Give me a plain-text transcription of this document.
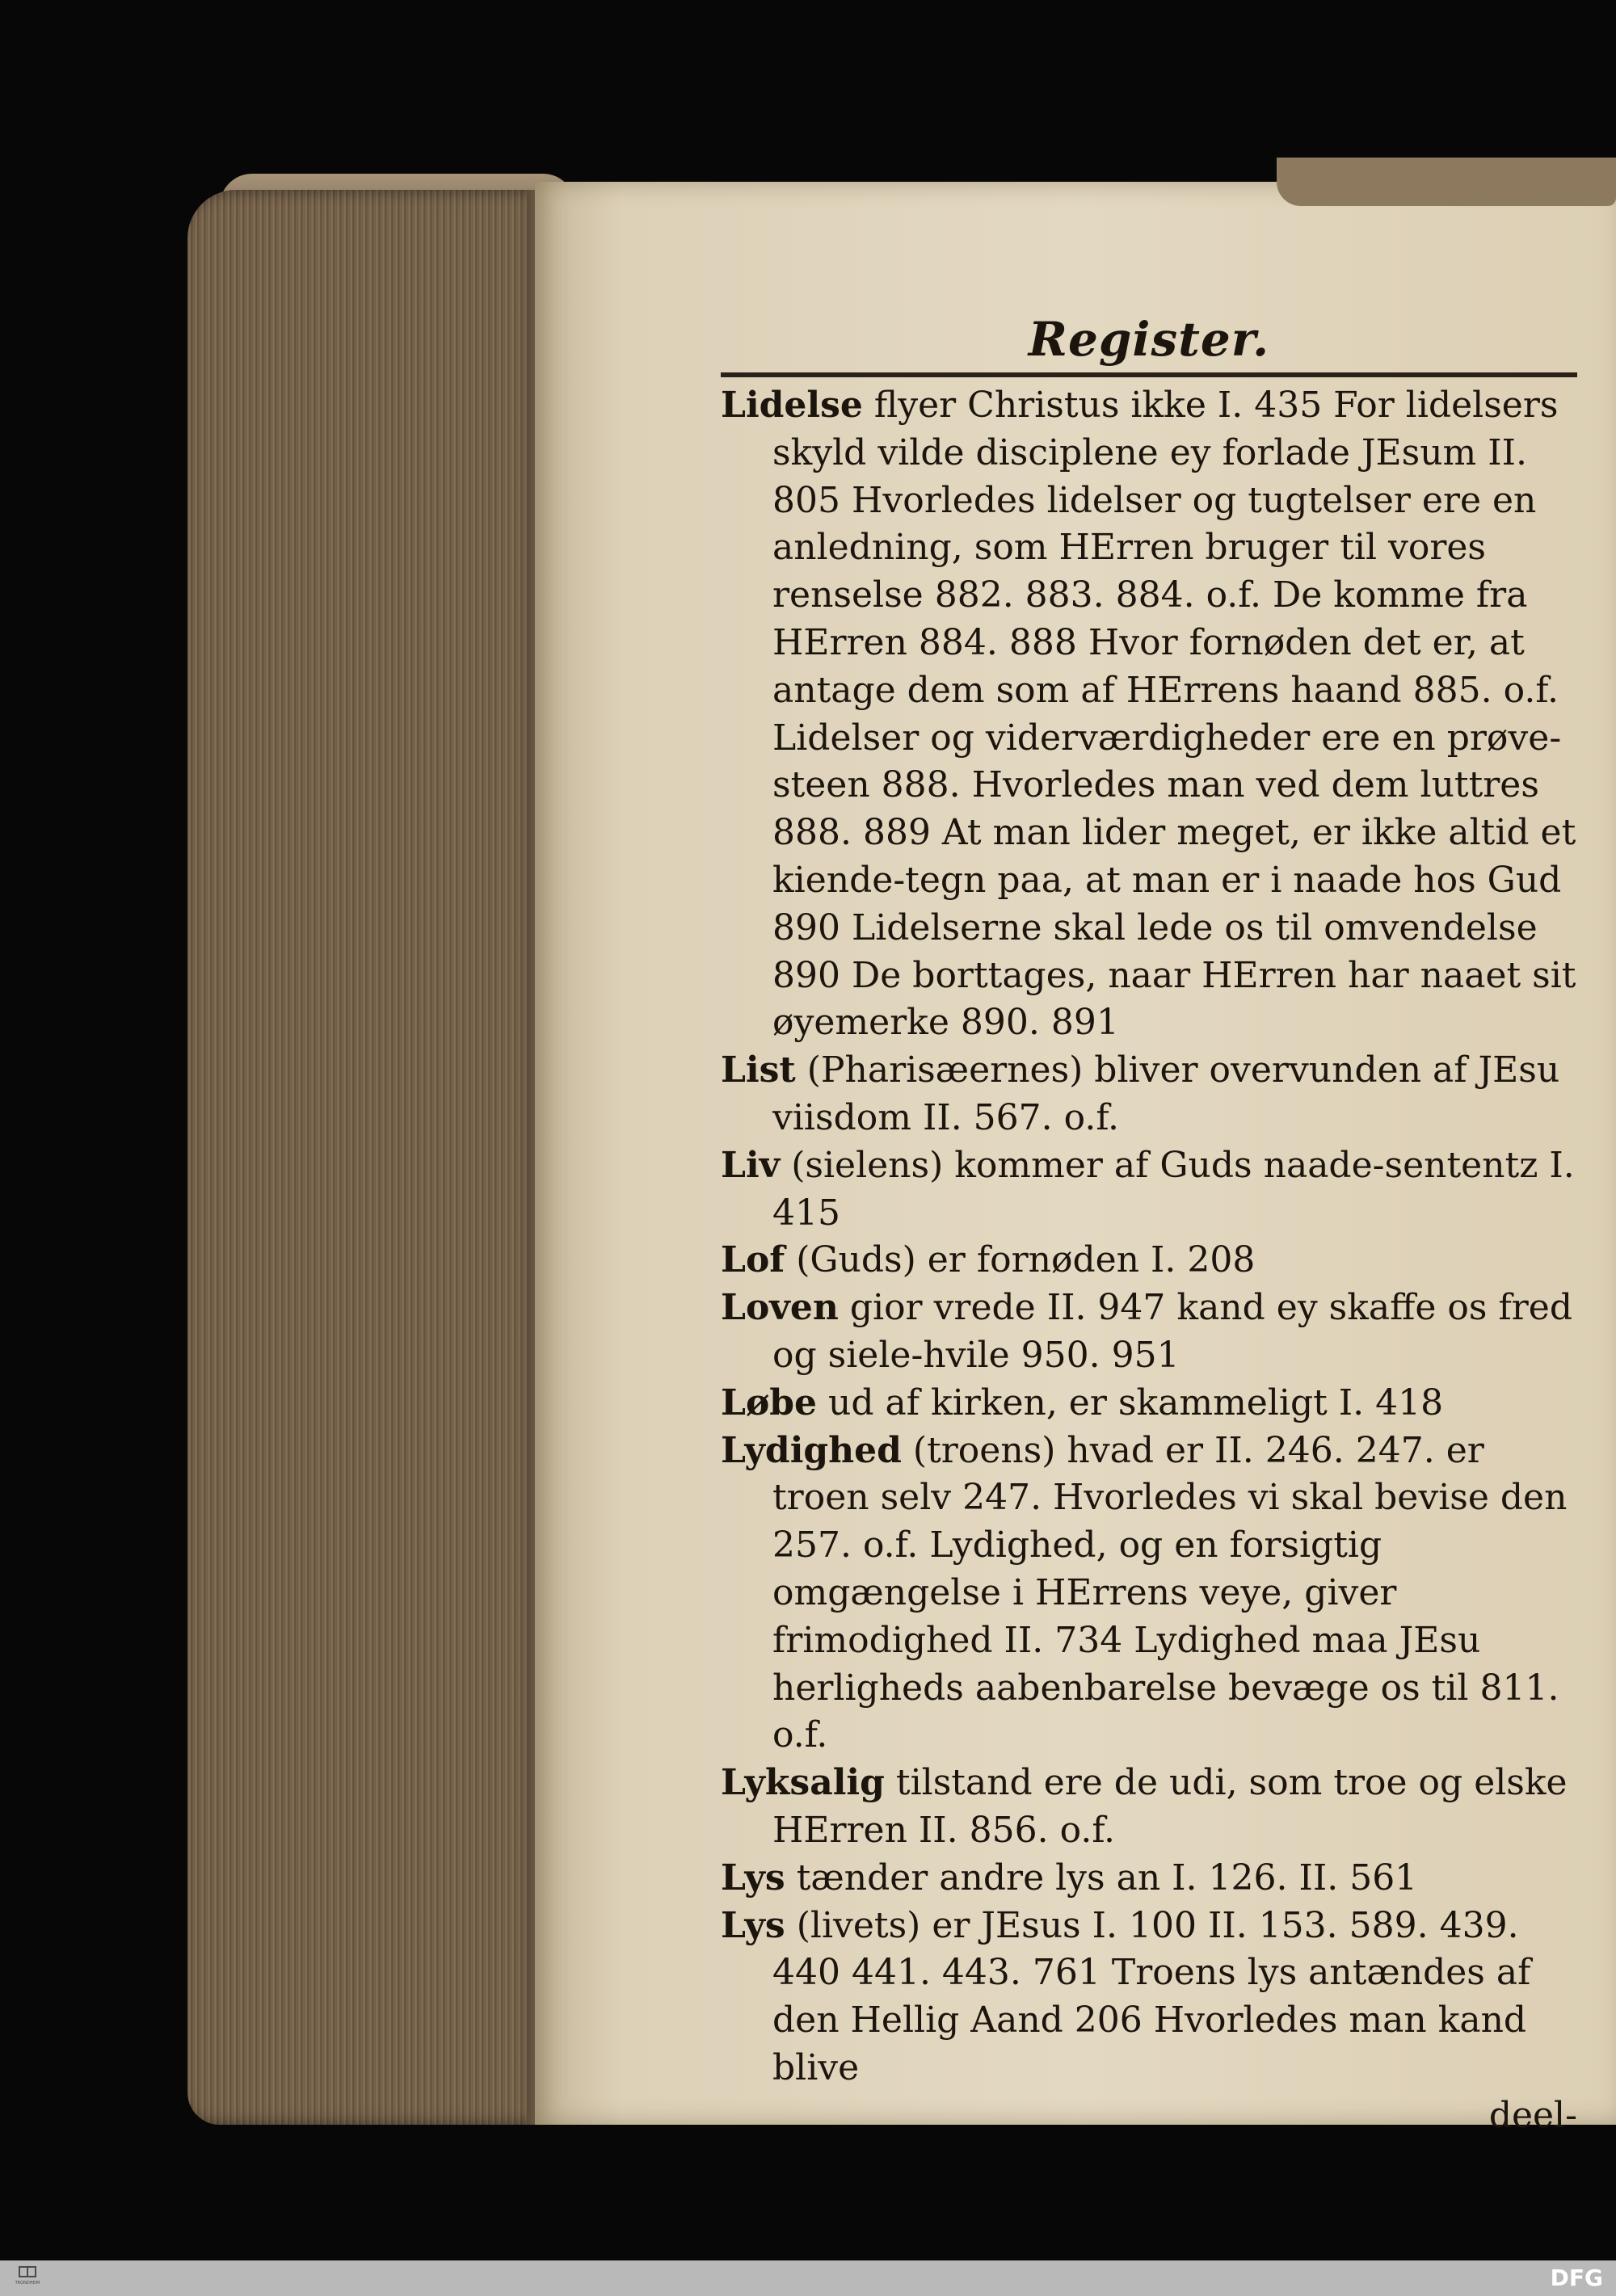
Register.

Lidelse flyer Christus ikke I. 435 For lidelsers skyld vilde disciplene ey forlade JEsum II. 805 Hvorledes lidelser og tugtelser ere en anledning, som HErren bruger til vores renselse 882. 883. 884. o.f. De komme fra HErren 884. 888 Hvor fornøden det er, at antage dem som af HErrens haand 885. o.f. Lidelser og viderværdigheder ere en prøve-steen 888. Hvorledes man ved dem luttres 888. 889 At man lider meget, er ikke altid et kiende-tegn paa, at man er i naade hos Gud 890 Lidelserne skal lede os til omvendelse 890 De borttages, naar HErren har naaet sit øyemerke 890. 891

List (Pharisæernes) bliver overvunden af JEsu viisdom II. 567. o.f.

Liv (sielens) kommer af Guds naade-sententz I. 415

Lof (Guds) er fornøden I. 208

Loven gior vrede II. 947 kand ey skaffe os fred og siele-hvile 950. 951

Løbe ud af kirken, er skammeligt I. 418

Lydighed (troens) hvad er II. 246. 247. er troen selv 247. Hvorledes vi skal bevise den 257. o.f. Lydighed, og en forsigtig omgængelse i HErrens veye, giver frimodighed II. 734 Lydighed maa JEsu herligheds aabenbarelse bevæge os til 811. o.f.

Lyksalig tilstand ere de udi, som troe og elske HErren II. 856. o.f.

Lys tænder andre lys an I. 126. II. 561

Lys (livets) er JEsus I. 100 II. 153. 589. 439. 440 441. 443. 761 Troens lys antændes af den Hellig Aand 206 Hvorledes man kand blive

deel-
TRONDHEIM	DFG
